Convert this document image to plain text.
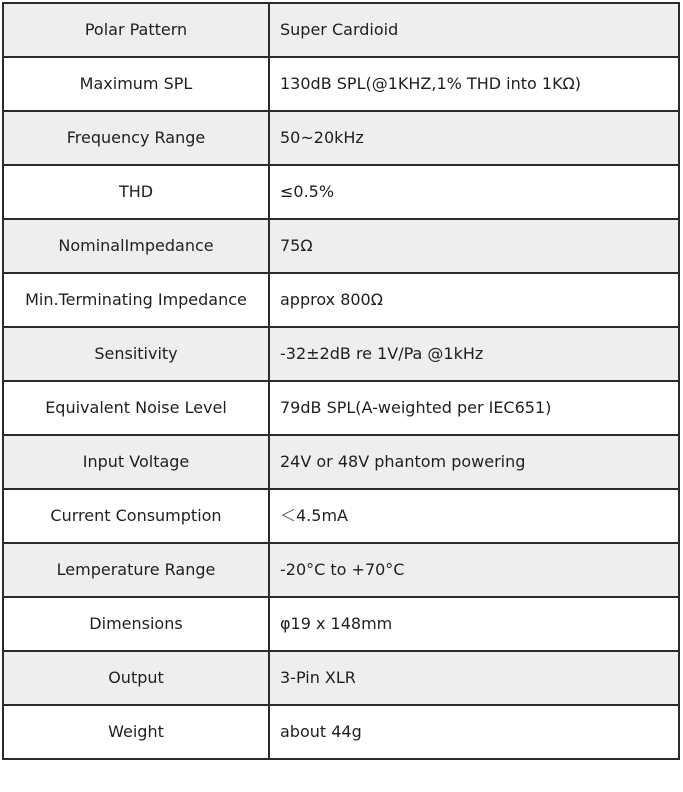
Polar Pattern	Super Cardioid
Maximum SPL	130dB SPL(@1KHZ,1% THD into 1KΩ)
Frequency Range	50~20kHz
THD	≤0.5%
NominalImpedance	75Ω
Min.Terminating Impedance	approx 800Ω
Sensitivity	-32±2dB re 1V/Pa @1kHz
Equivalent Noise Level	79dB SPL(A-weighted per IEC651)
Input Voltage	24V or 48V phantom powering
Current Consumption	＜4.5mA
Lemperature Range	-20°C to +70°C
Dimensions	φ19 x 148mm
Output	3-Pin XLR
Weight	about 44g
